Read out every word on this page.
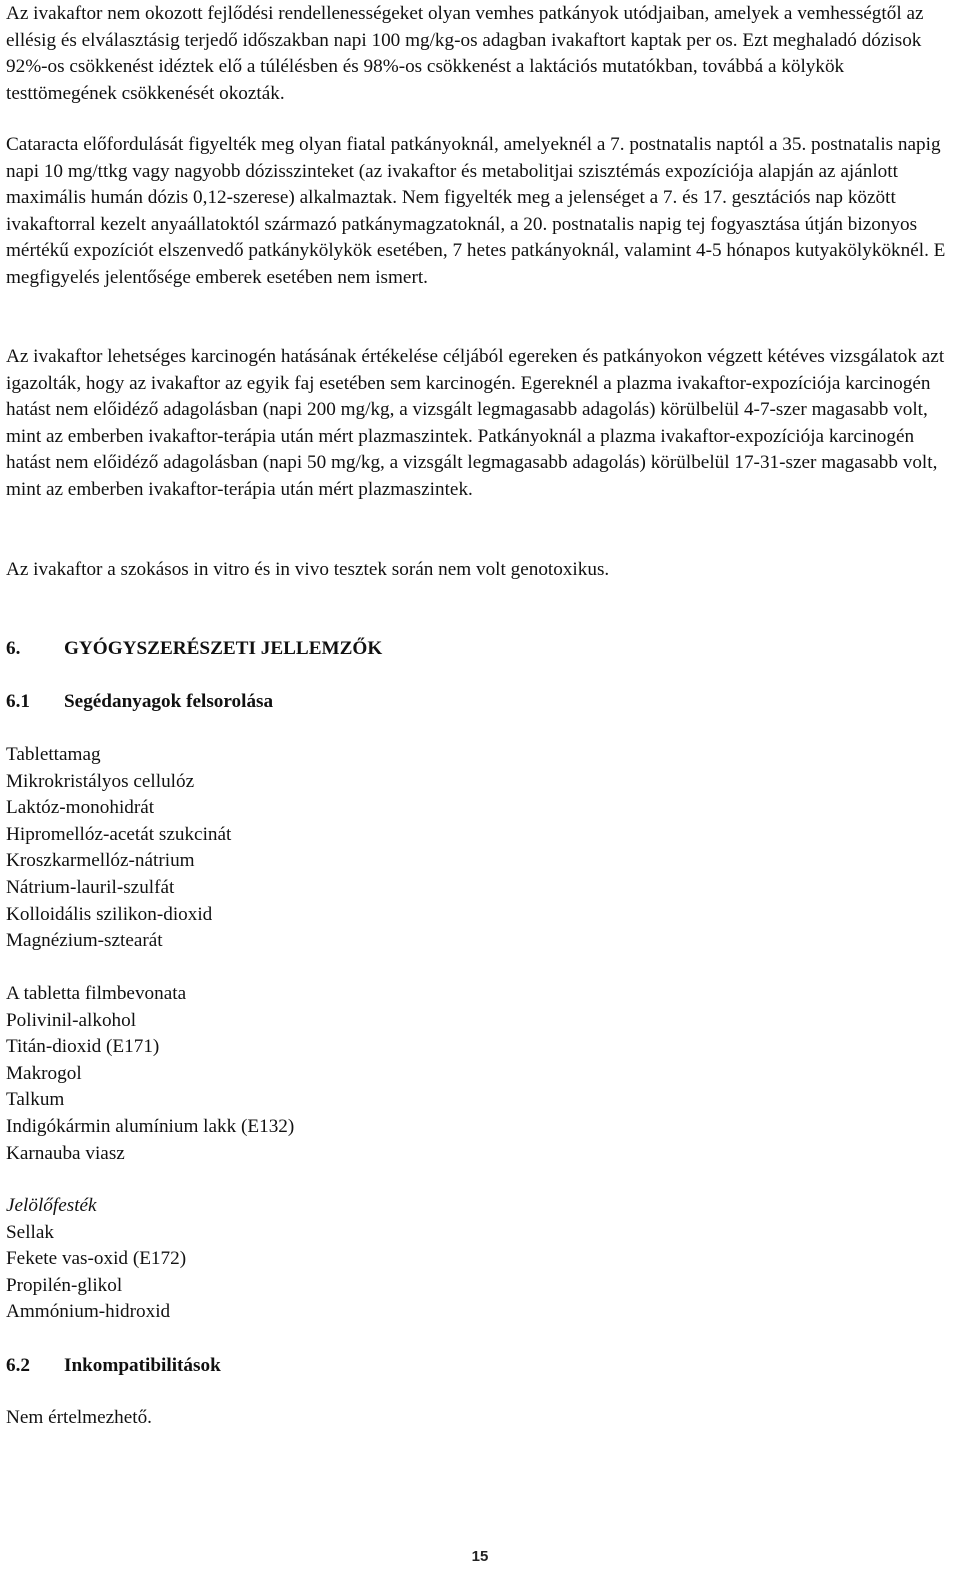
Az ivakaftor nem okozott fejlődési rendellenességeket olyan vemhes patkányok utódjaiban, amelyek a vemhességtől az ellésig és elválasztásig terjedő időszakban napi 100 mg/kg-os adagban ivakaftort kaptak per os. Ezt meghaladó dózisok 92%-os csökkenést idéztek elő a túlélésben és 98%-os csökkenést a laktációs mutatókban, továbbá a kölykök testtömegének csökkenését okozták.

Cataracta előfordulását figyelték meg olyan fiatal patkányoknál, amelyeknél a 7. postnatalis naptól a 35. postnatalis napig napi 10 mg/ttkg vagy nagyobb dózisszinteket (az ivakaftor és metabolitjai szisztémás expozíciója alapján az ajánlott maximális humán dózis 0,12-szerese) alkalmaztak. Nem figyelték meg a jelenséget a 7. és 17. gesztációs nap között ivakaftorral kezelt anyaállatoktól származó patkánymagzatoknál, a 20. postnatalis napig tej fogyasztása útján bizonyos mértékű expozíciót elszenvedő patkánykölykök esetében, 7 hetes patkányoknál, valamint 4-5 hónapos kutyakölyköknél. E megfigyelés jelentősége emberek esetében nem ismert.

Az ivakaftor lehetséges karcinogén hatásának értékelése céljából egereken és patkányokon végzett kétéves vizsgálatok azt igazolták, hogy az ivakaftor az egyik faj esetében sem karcinogén. Egereknél a plazma ivakaftor-expozíciója karcinogén hatást nem előidéző adagolásban (napi 200 mg/kg, a vizsgált legmagasabb adagolás) körülbelül 4-7-szer magasabb volt, mint az emberben ivakaftor-terápia után mért plazmaszintek. Patkányoknál a plazma ivakaftor-expozíciója karcinogén hatást nem előidéző adagolásban (napi 50 mg/kg, a vizsgált legmagasabb adagolás) körülbelül 17-31-szer magasabb volt, mint az emberben ivakaftor-terápia után mért plazmaszintek.

Az ivakaftor a szokásos in vitro és in vivo tesztek során nem volt genotoxikus.

6. GYÓGYSZERÉSZETI JELLEMZŐK
6.1 Segédanyagok felsorolása
Tablettamag
Mikrokristályos cellulóz
Laktóz-monohidrát
Hipromellóz-acetát szukcinát
Kroszkarmellóz-nátrium
Nátrium-lauril-szulfát
Kolloidális szilikon-dioxid
Magnézium-sztearát
A tabletta filmbevonata
Polivinil-alkohol
Titán-dioxid (E171)
Makrogol
Talkum
Indigókármin alumínium lakk (E132)
Karnauba viasz
Jelölőfesték
Sellak
Fekete vas-oxid (E172)
Propilén-glikol
Ammónium-hidroxid
6.2 Inkompatibilitások

Nem értelmezhető.

15
